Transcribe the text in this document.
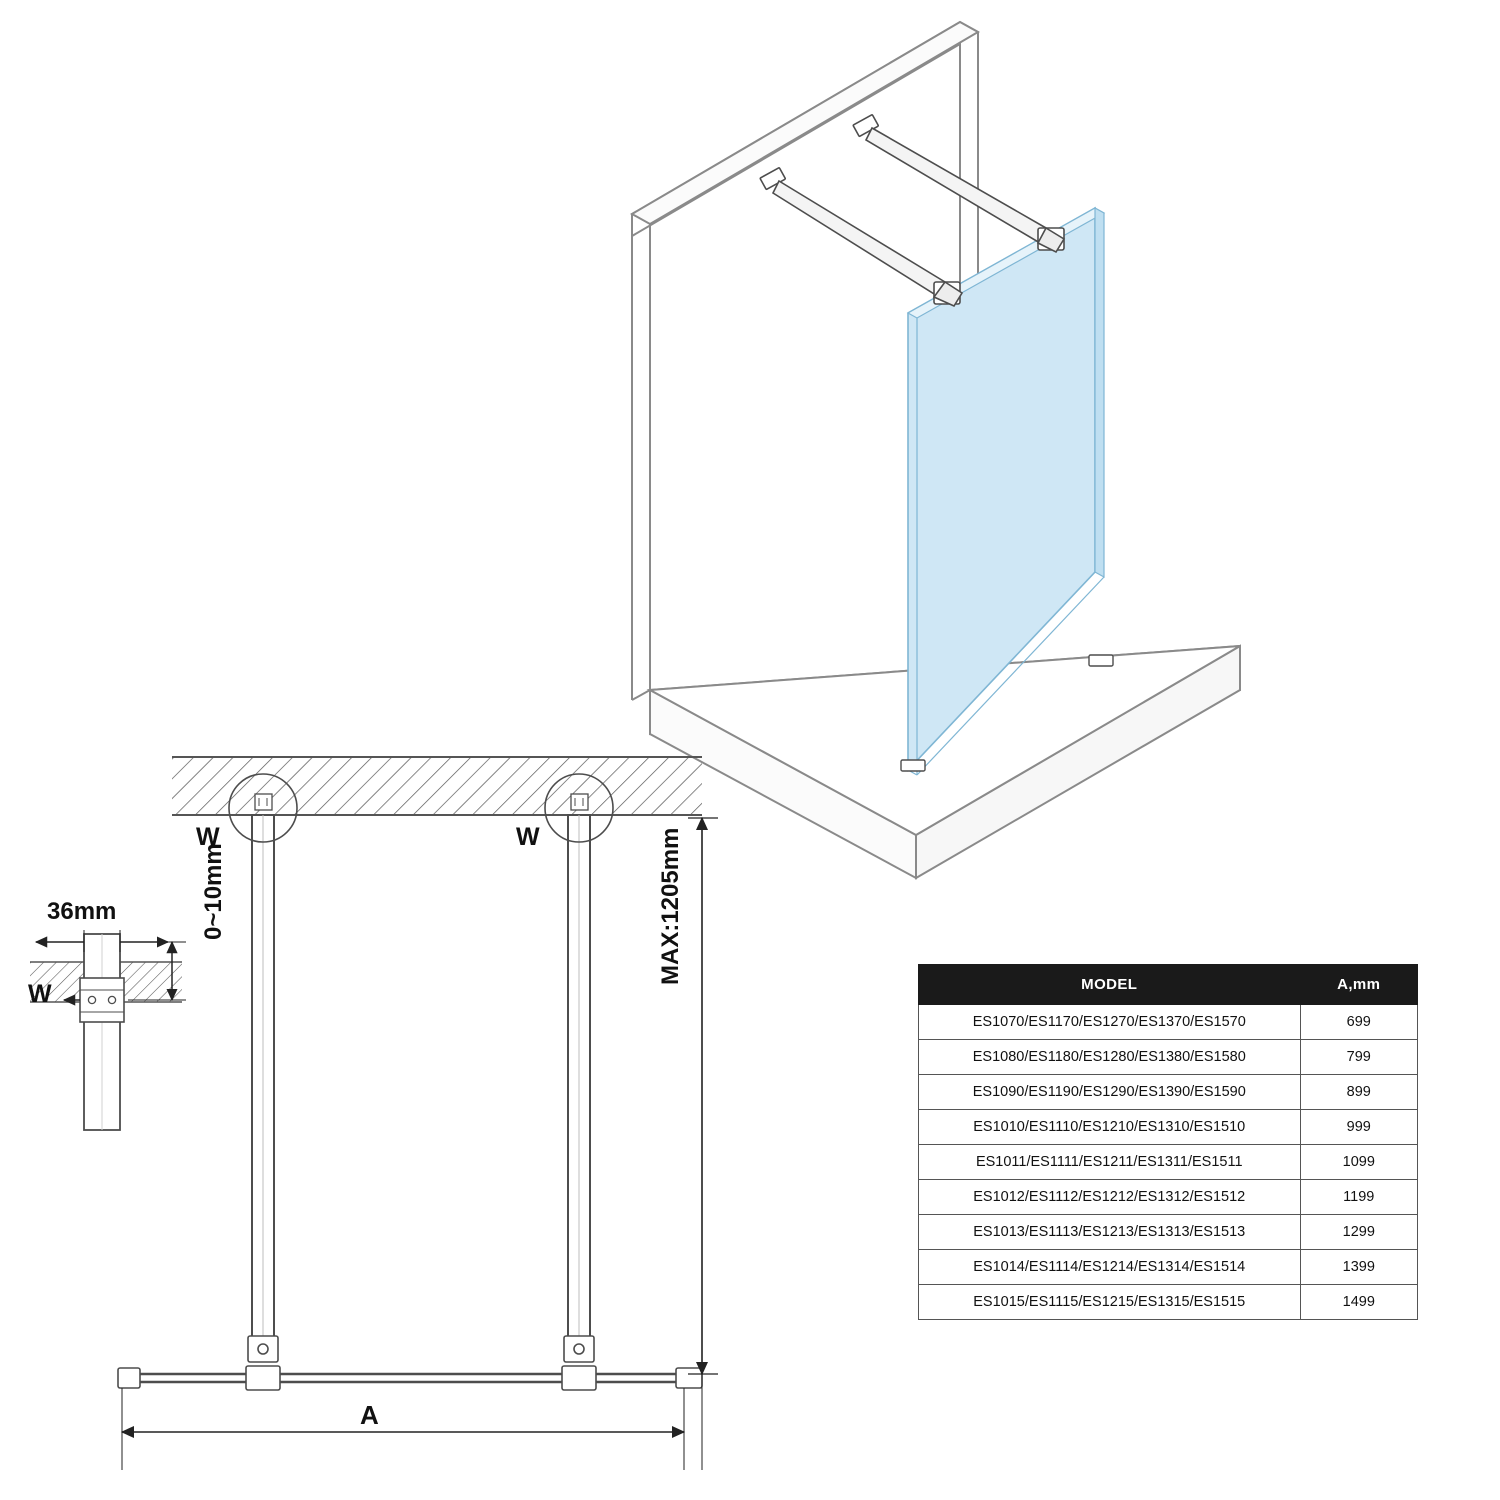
W	W
W
36mm	0~10mm	MAX:1205mm
A
MODEL	A,mm
ES1070/ES1170/ES1270/ES1370/ES1570	699
ES1080/ES1180/ES1280/ES1380/ES1580	799
ES1090/ES1190/ES1290/ES1390/ES1590	899
ES1010/ES1110/ES1210/ES1310/ES1510	999
ES1011/ES1111/ES1211/ES1311/ES1511	1099
ES1012/ES1112/ES1212/ES1312/ES1512	1199
ES1013/ES1113/ES1213/ES1313/ES1513	1299
ES1014/ES1114/ES1214/ES1314/ES1514	1399
ES1015/ES1115/ES1215/ES1315/ES1515	1499
